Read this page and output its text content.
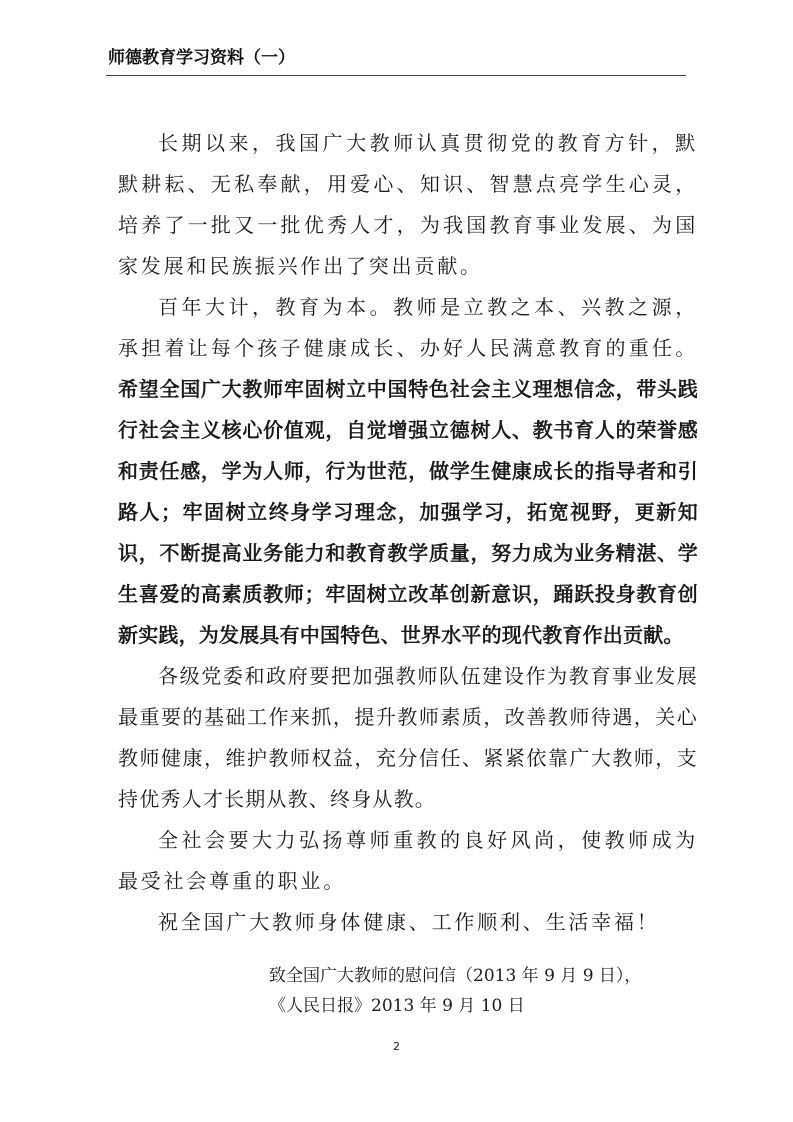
师德教育学习资料（一）

长期以来，我国广大教师认真贯彻党的教育方针，默默耕耘、无私奉献，用爱心、知识、智慧点亮学生心灵，培养了一批又一批优秀人才，为我国教育事业发展、为国家发展和民族振兴作出了突出贡献。

百年大计，教育为本。教师是立教之本、兴教之源，承担着让每个孩子健康成长、办好人民满意教育的重任。希望全国广大教师牢固树立中国特色社会主义理想信念，带头践行社会主义核心价值观，自觉增强立德树人、教书育人的荣誉感和责任感，学为人师，行为世范，做学生健康成长的指导者和引路人；牢固树立终身学习理念，加强学习，拓宽视野，更新知识，不断提高业务能力和教育教学质量，努力成为业务精湛、学生喜爱的高素质教师；牢固树立改革创新意识，踊跃投身教育创新实践，为发展具有中国特色、世界水平的现代教育作出贡献。

各级党委和政府要把加强教师队伍建设作为教育事业发展最重要的基础工作来抓，提升教师素质，改善教师待遇，关心教师健康，维护教师权益，充分信任、紧紧依靠广大教师，支持优秀人才长期从教、终身从教。

全社会要大力弘扬尊师重教的良好风尚，使教师成为最受社会尊重的职业。

祝全国广大教师身体健康、工作顺利、生活幸福！

致全国广大教师的慰问信（2013 年 9 月 9 日），
《人民日报》2013 年 9 月 10 日
2
